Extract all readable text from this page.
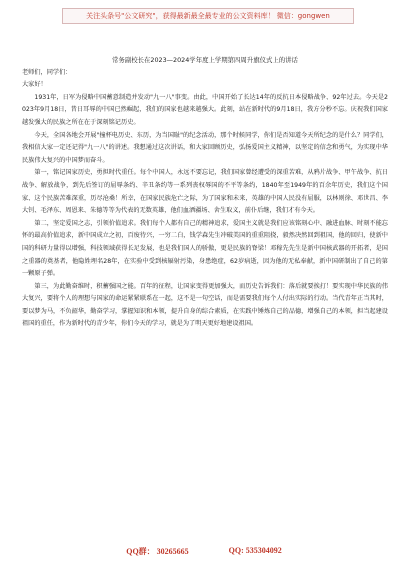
关注头条号"公文研究"，获得最新最全最专业的公文资料库！ 微信：gongwen

常务副校长在2023—2024学年度上学期第四周升旗仪式上的讲话

老师们，同学们：

大家好！

1931年，日军为侵略中国蓄意制造并发动"九一八"事变。由此，中国开始了长达14年的反抗日本侵略战争、92年过去。今天是2023年9月18日，昔日耳辱的中国已然崛起，我们的国家也越来越强大。此刻，站在新时代的9月18日，我方分秒不忘。庆祝我们国家越发强大的民族之所在在于深刻铭记历史。

今天，全国各地会开展"撞杯电历史、东历，为当国耻"的纪念活动，那个时候同学，你们是否知道今天所纪念的是什么？同学们，我相信大家一定还记得"九一八"的讲述。我想通过这次讲话，和大家回顾历史，弘扬爱国主义精神，以坚定的信念和勇气，为实现中华民族伟大复兴的中国梦而奋斗。

第一，铭记国家历史，勇担时代重任。每个中国人，永远不要忘记，我们国家曾经遭受的深重苦难，从鸦片战争、甲午战争、抗日战争、解放战争，到先后签订的屈辱条约、辛丑条约等一系列丧权辱国的不平等条约，1840年至1949年的百余年历史，我们这个国家、这个民族苦难深重，历尽沧桑！所幸，在国家民族危亡之际，为了国家和未来，英雄的中国人民没有屈服，以林则徐、邓世昌、李大钊、毛泽东、周恩来、朱德等等为代表的无数英雄，他们血洒疆场、舍生取义，前仆后继，我们才有今天。

第二，坚定爱国之志，引领价值追求。我们每个人都有自己的精神追求，爱国主义就是我们应该铭刻心中、融进血脉、时刻不能忘怀的最高价值追求，新中国成立之初，百废待兴，一穷二白，钱学森先生冲破美国的重重阻挠，毅然决然回到祖国，他的回归，使新中国的科研力量得以增强，科技领域获得长足发展，也是我们国人的骄傲，更是民族的脊梁！邓稼先先生是新中国核武器的开拓者，是国之重器的奠基者，他隐姓埋名28年，在实验中受到核辐射污染，身患绝症，62岁病逝，因为他的无私奉献，新中国研制出了自己的第一颗原子弹。

第三，为此勤奋维时，积蓄强国之能。百年的征程，让国家变得更加强大，而历史告诉我们：落后就要挨打！要实现中华民族的伟大复兴，要将个人的理想与国家的命运紧紧联系在一起，这不是一句空话，而是需要我们每个人付出实际的行动。当代青年正当其时，要以梦为马，不负韶华，勤奋学习，掌握知识和本领，提升自身的综合素质，在实践中锤炼自己的品德，增强自己的本领，担当起建设祖国的重任，作为新时代的青少年，你们今天的学习，就是为了明天更好地建设祖国。

QQ群： 30265665	QQ: 535304092
